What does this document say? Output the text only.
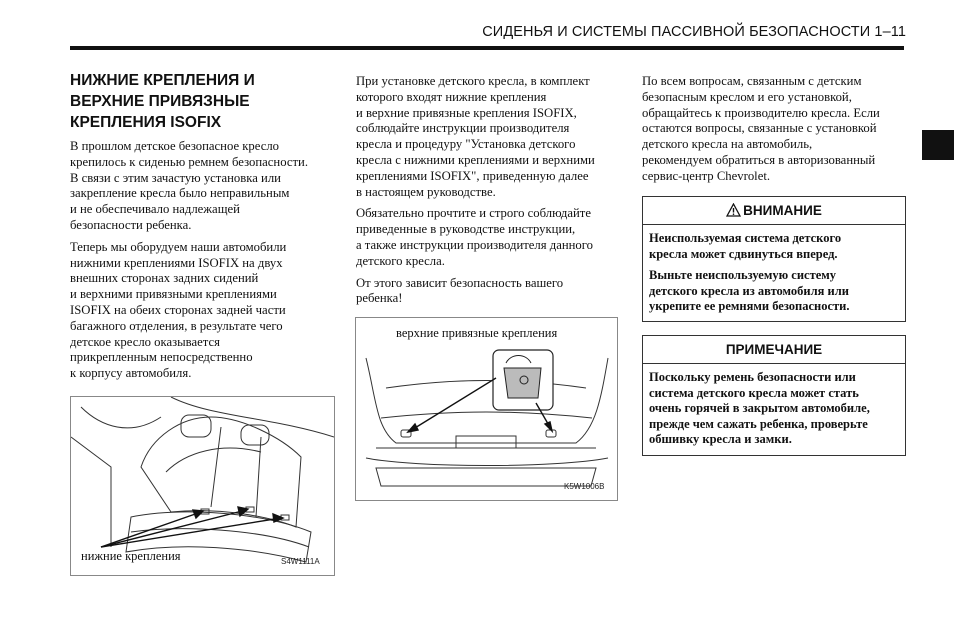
СИДЕНЬЯ И СИСТЕМЫ ПАССИВНОЙ БЕЗОПАСНОСТИ 1–11
НИЖНИЕ КРЕПЛЕНИЯ И
ВЕРХНИЕ ПРИВЯЗНЫЕ
КРЕПЛЕНИЯ ISOFIX

В прошлом детское безопасное кресло
крепилось к сиденью ремнем безопасности.
В связи с этим зачастую установка или
закрепление кресла было неправильным
и не обеспечивало надлежащей
безопасности ребенка.

Теперь мы оборудуем наши автомобили
нижними креплениями ISOFIX на двух
внешних сторонах задних сидений
и верхними привязными креплениями
ISOFIX на обеих сторонах задней части
багажного отделения, в результате чего
детское кресло оказывается
прикрепленным непосредственно
к корпусу автомобиля.

нижние крепления	S4W1111A

При установке детского кресла, в комплект
которого входят нижние крепления
и верхние привязные крепления ISOFIX,
соблюдайте инструкции производителя
кресла и процедуру "Установка детского
кресла с нижними креплениями и верхними
креплениями ISOFIX", приведенную далее
в настоящем руководстве.

Обязательно прочтите и строго соблюдайте
приведенные в руководстве инструкции,
а также инструкции производителя данного
детского кресла.

От этого зависит безопасность вашего
ребенка!

верхние привязные крепления
K5W1006B

По всем вопросам, связанным с детским
безопасным креслом и его установкой,
обращайтесь к производителю кресла. Если
остаются вопросы, связанные с установкой
детского кресла на автомобиль,
рекомендуем обратиться в авторизованный
сервис-центр Chevrolet.

ВНИМАНИЕ

Неиспользуемая система детского
кресла может сдвинуться вперед.

Выньте неиспользуемую систему
детского кресла из автомобиля или
укрепите ее ремнями безопасности.

ПРИМЕЧАНИЕ

Поскольку ремень безопасности или
система детского кресла может стать
очень горячей в закрытом автомобиле,
прежде чем сажать ребенка, проверьте
обшивку кресла и замки.
